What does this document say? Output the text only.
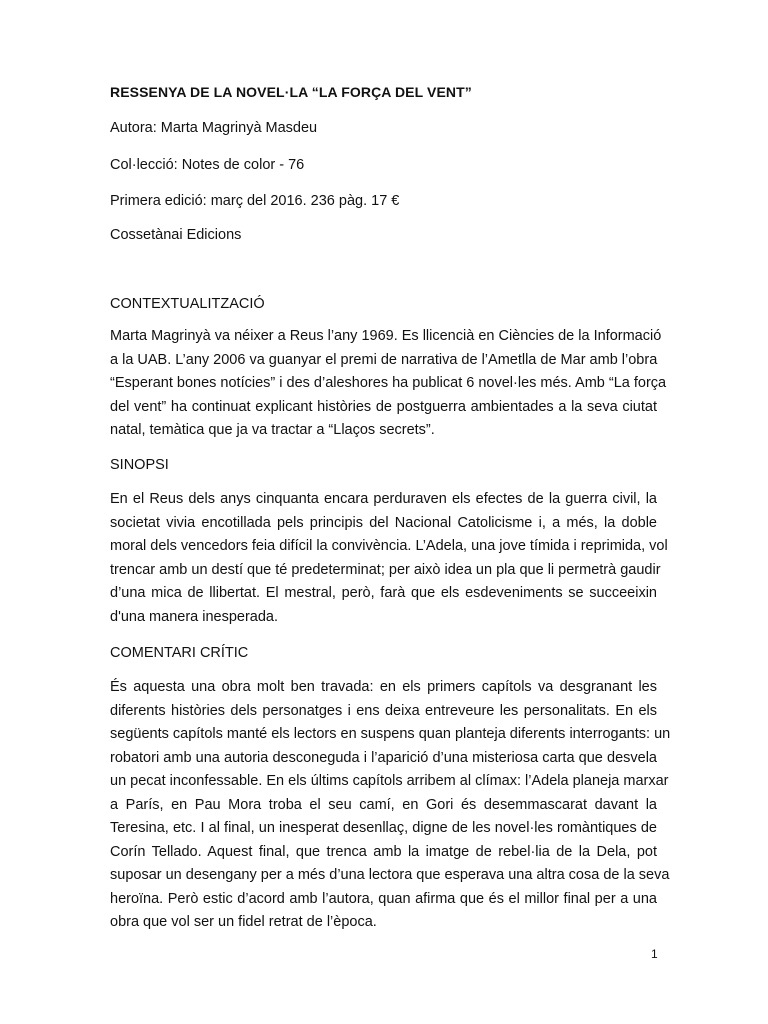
RESSENYA DE LA NOVEL·LA “LA FORÇA DEL VENT”
Autora: Marta Magrinyà Masdeu
Col·lecció: Notes de color - 76
Primera edició: març del 2016. 236 pàg. 17 €
Cossetànai Edicions
CONTEXTUALITZACIÓ
Marta Magrinyà va néixer a Reus l’any 1969. Es llicencià en Ciències de la Informació
a la UAB. L’any 2006 va guanyar el premi de narrativa de l’Ametlla de Mar amb l’obra
“Esperant bones notícies” i des d’aleshores ha publicat 6 novel·les més. Amb “La força
del vent” ha continuat explicant històries de postguerra ambientades a la seva ciutat
natal, temàtica que ja va tractar a “Llaços secrets”.
SINOPSI
En el Reus dels anys cinquanta encara perduraven els efectes de la guerra civil, la
societat vivia encotillada pels principis del Nacional Catolicisme i, a més, la doble
moral dels vencedors feia difícil la convivència. L’Adela, una jove tímida i reprimida, vol
trencar amb un destí que té predeterminat; per això idea un pla que li permetrà gaudir
d’una mica de llibertat. El mestral, però, farà que els esdeveniments se succeeixin
d'una manera inesperada.
COMENTARI CRÍTIC
És aquesta una obra molt ben travada: en els primers capítols va desgranant les
diferents històries dels personatges i ens deixa entreveure les personalitats. En els
següents capítols manté els lectors en suspens quan planteja diferents interrogants: un
robatori amb una autoria desconeguda i l’aparició d’una misteriosa carta que desvela
un pecat inconfessable. En els últims capítols arribem al clímax: l’Adela planeja marxar
a París, en Pau Mora troba el seu camí, en Gori és desemmascarat davant la
Teresina, etc. I al final, un inesperat desenllaç, digne de les novel·les romàntiques de
Corín Tellado. Aquest final, que trenca amb la imatge de rebel·lia de la Dela, pot
suposar un desengany per a més d’una lectora que esperava una altra cosa de la seva
heroïna. Però estic d’acord amb l’autora, quan afirma que és el millor final per a una
obra que vol ser un fidel retrat de l’època.
1
